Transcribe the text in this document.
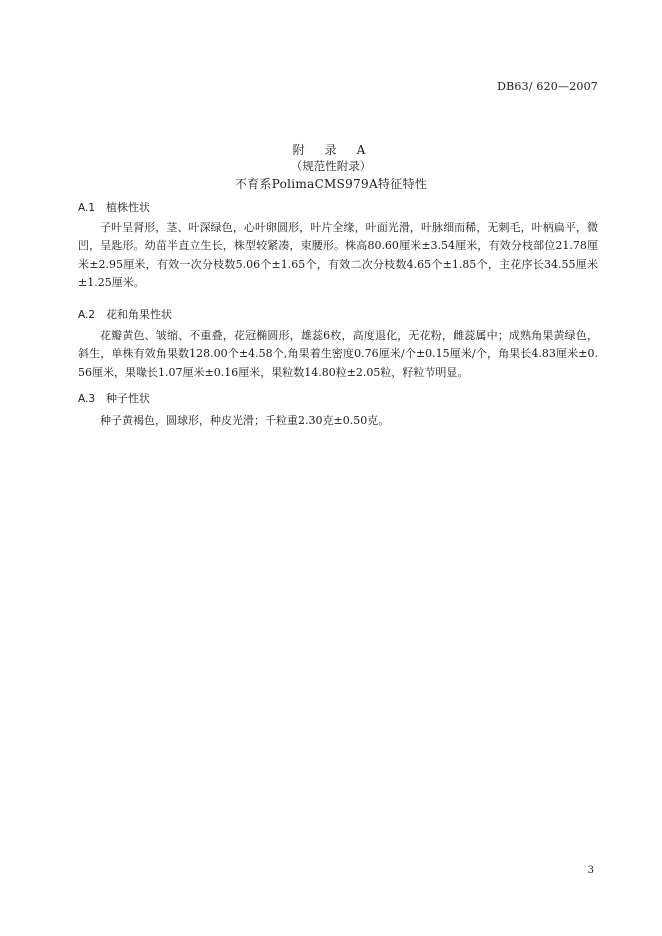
DB63/ 620—2007
附　录　A
（规范性附录）
不育系PolimaCMS979A特征特性
A.1 植株性状

子叶呈肾形，茎、叶深绿色，心叶卵圆形，叶片全缘，叶面光滑，叶脉细而稀，无刺毛，叶柄扁平，微凹，呈匙形。幼苗半直立生长，株型较紧凑，束腰形。株高80.60厘米±3.54厘米，有效分枝部位21.78厘米±2.95厘米，有效一次分枝数5.06个±1.65个，有效二次分枝数4.65个±1.85个，主花序长34.55厘米±1.25厘米。

A.2 花和角果性状

花瓣黄色、皱缩、不重叠，花冠椭圆形，雄蕊6枚，高度退化，无花粉，雌蕊属中；成熟角果黄绿色，斜生，单株有效角果数128.00个±4.58个,角果着生密度0.76厘米/个±0.15厘米/个，角果长4.83厘米±0.56厘米，果喙长1.07厘米±0.16厘米，果粒数14.80粒±2.05粒，籽粒节明显。

A.3 种子性状

种子黄褐色，圆球形，种皮光滑；千粒重2.30克±0.50克。

3
